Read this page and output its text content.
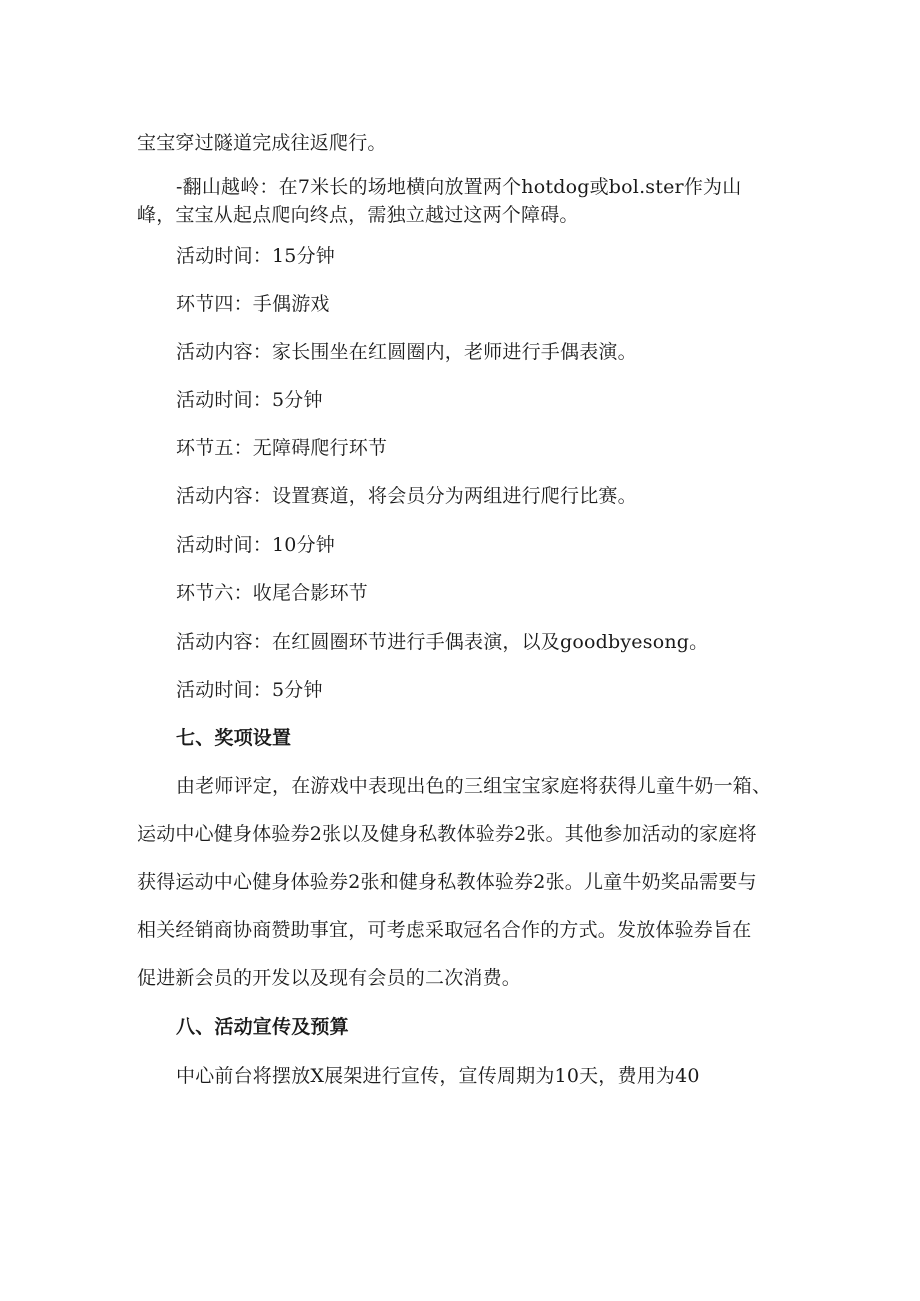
宝宝穿过隧道完成往返爬行。
-翻山越岭：在7米长的场地横向放置两个hotdog或bol.ster作为山
峰，宝宝从起点爬向终点，需独立越过这两个障碍。
活动时间：15分钟
环节四：手偶游戏
活动内容：家长围坐在红圆圈内，老师进行手偶表演。
活动时间：5分钟
环节五：无障碍爬行环节
活动内容：设置赛道，将会员分为两组进行爬行比赛。
活动时间：10分钟
环节六：收尾合影环节
活动内容：在红圆圈环节进行手偶表演，以及goodbyesong。
活动时间：5分钟
七、奖项设置
由老师评定，在游戏中表现出色的三组宝宝家庭将获得儿童牛奶一箱、
运动中心健身体验券2张以及健身私教体验券2张。其他参加活动的家庭将
获得运动中心健身体验券2张和健身私教体验券2张。儿童牛奶奖品需要与
相关经销商协商赞助事宜，可考虑采取冠名合作的方式。发放体验券旨在
促进新会员的开发以及现有会员的二次消费。
八、活动宣传及预算
中心前台将摆放X展架进行宣传，宣传周期为10天，费用为40
